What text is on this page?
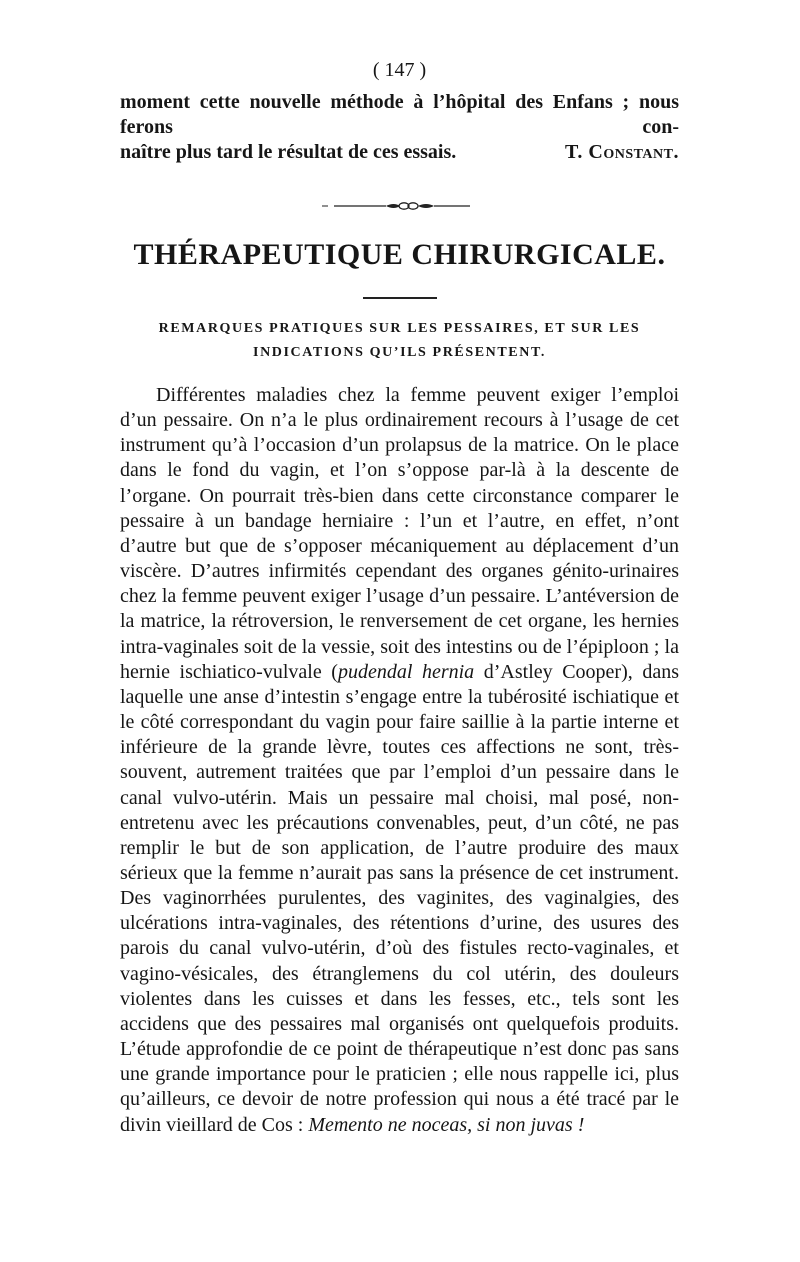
( 147 )
moment cette nouvelle méthode à l’hôpital des Enfans ; nous ferons con-
naître plus tard le résultat de ces essais.	T. Constant.
THÉRAPEUTIQUE CHIRURGICALE.
REMARQUES PRATIQUES SUR LES PESSAIRES, ET SUR LES
INDICATIONS QU’ILS PRÉSENTENT.

Différentes maladies chez la femme peuvent exiger l’emploi d’un pessaire. On n’a le plus ordinairement recours à l’usage de cet instrument qu’à l’occasion d’un prolapsus de la matrice. On le place dans le fond du vagin, et l’on s’oppose par-là à la descente de l’organe. On pourrait très-bien dans cette circonstance comparer le pessaire à un bandage herniaire : l’un et l’autre, en effet, n’ont d’autre but que de s’opposer mécaniquement au déplacement d’un viscère. D’autres infirmités cependant des organes génito-urinaires chez la femme peuvent exiger l’usage d’un pessaire. L’antéversion de la matrice, la rétroversion, le renversement de cet organe, les hernies intra-vaginales soit de la vessie, soit des intestins ou de l’épiploon ; la hernie ischiatico-vulvale (pudendal hernia d’Astley Cooper), dans laquelle une anse d’intestin s’engage entre la tubérosité ischiatique et le côté correspondant du vagin pour faire saillie à la partie interne et inférieure de la grande lèvre, toutes ces affections ne sont, très-souvent, autrement traitées que par l’emploi d’un pessaire dans le canal vulvo-utérin. Mais un pessaire mal choisi, mal posé, non-entretenu avec les précautions convenables, peut, d’un côté, ne pas remplir le but de son application, de l’autre produire des maux sérieux que la femme n’aurait pas sans la présence de cet instrument. Des vaginorrhées purulentes, des vaginites, des vaginalgies, des ulcérations intra-vaginales, des rétentions d’urine, des usures des parois du canal vulvo-utérin, d’où des fistules recto-vaginales, et vagino-vésicales, des étranglemens du col utérin, des douleurs violentes dans les cuisses et dans les fesses, etc., tels sont les accidens que des pessaires mal organisés ont quelquefois produits. L’étude approfondie de ce point de thérapeutique n’est donc pas sans une grande importance pour le praticien ; elle nous rappelle ici, plus qu’ailleurs, ce devoir de notre profession qui nous a été tracé par le divin vieillard de Cos : Memento ne noceas, si non juvas !
